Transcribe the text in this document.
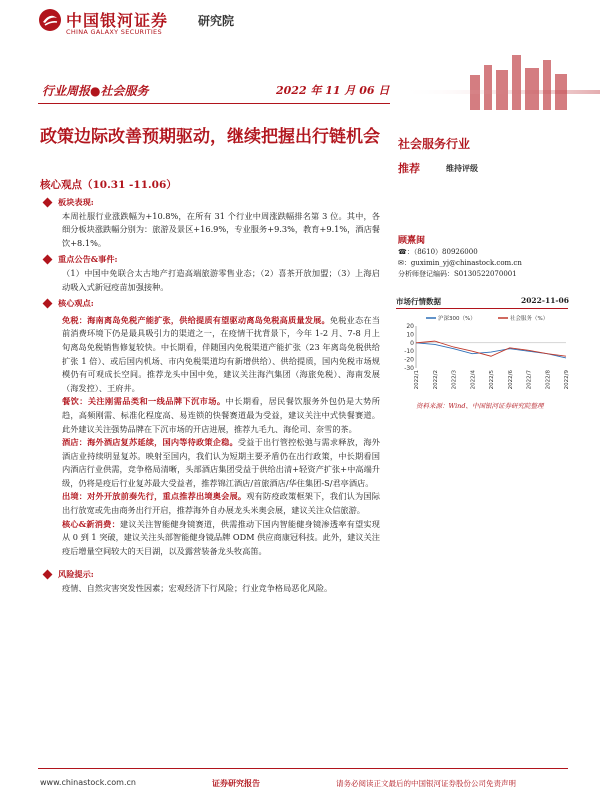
中国银河证券
CHINA GALAXY SECURITIES
研究院
行业周报●社会服务	2022 年 11 月 06 日
政策边际改善预期驱动，继续把握出行链机会
核心观点（10.31 -11.06）
板块表现:
本周社服行业涨跌幅为+10.8%，在所有 31 个行业中周涨跌幅排名第 3 位。其中，各细分板块涨跌幅分别为：旅游及景区+16.9%，专业服务+9.3%，教育+9.1%，酒店餐饮+8.1%。
重点公告&事件:
（1）中国中免联合太古地产打造高端旅游零售业态；（2）喜茶开放加盟；（3）上海启动吸入式新冠疫苗加强接种。
核心观点:

免税：海南离岛免税产能扩张，供给提质有望驱动离岛免税高质量发展。免税业态在当前消费环境下仍是最具吸引力的渠道之一，在疫情干扰背景下，今年 1-2 月、7-8 月上旬离岛免税销售修复较快。中长期看，伴随国内免税渠道产能扩张（23 年离岛免税供给扩张 1 倍）、或后国内机场、市内免税渠道均有新增供给）、供给提质，国内免税市场规模仍有可观成长空间。推荐龙头中国中免，建议关注海汽集团（海旅免税）、海南发展（海发控）、王府井。

餐饮：关注刚需品类和一线品牌下沉市场。中长期看，居民餐饮服务外包仍是大势所趋，高频刚需、标准化程度高、易连锁的快餐赛道最为受益，建议关注中式快餐赛道。此外建议关注强势品牌在下沉市场的开店进展，推荐九毛九、海伦司、奈雪的茶。

酒店：海外酒店复苏延续，国内等待政策企稳。受益于出行管控松弛与需求释放，海外酒店业持续明显复苏。映射至国内，我们认为短期主要矛盾仍在出行政策，中长期看国内酒店行业供需，竞争格局清晰，头部酒店集团受益于供给出清+轻资产扩张+中高端升级，仍将是疫后行业复苏最大受益者，推荐锦江酒店/首旅酒店/华住集团-S/君亭酒店。

出境：对外开放前奏先行，重点推荐出境奥会展。观有防疫政策框架下，我们认为国际出行放宽或先由商务出行开启，推荐海外自办展龙头米奥会展，建议关注众信旅游。

核心&新消费：建议关注智能健身镜赛道，供需推动下国内智能健身镜渗透率有望实现从 0 到 1 突破，建议关注头部智能健身镜品牌 ODM 供应商康冠科技。此外，建议关注疫后增量空间较大的天目湖，以及露营装备龙头牧高笛。

风险提示:
疫情、自然灾害突发性因素；宏观经济下行风险；行业竞争格局恶化风险。
社会服务行业
推荐	维持评级
顾熹闽
☎：（8610）80926000
✉：guximin_yj@chinastock.com.cn
分析师登记编码：S0130522070001
市场行情数据	2022-11-06
20
10
0
-10
-20
-30
2022/1 2022/2 2022/3 2022/4 2022/5 2022/6 2022/7 2022/8 2022/9
沪深300（%）	社会服务（%）
资料来源：Wind、中国银河证券研究院整理
www.chinastock.com.cn	证券研究报告	请务必阅读正文最后的中国银河证券股份公司免责声明
